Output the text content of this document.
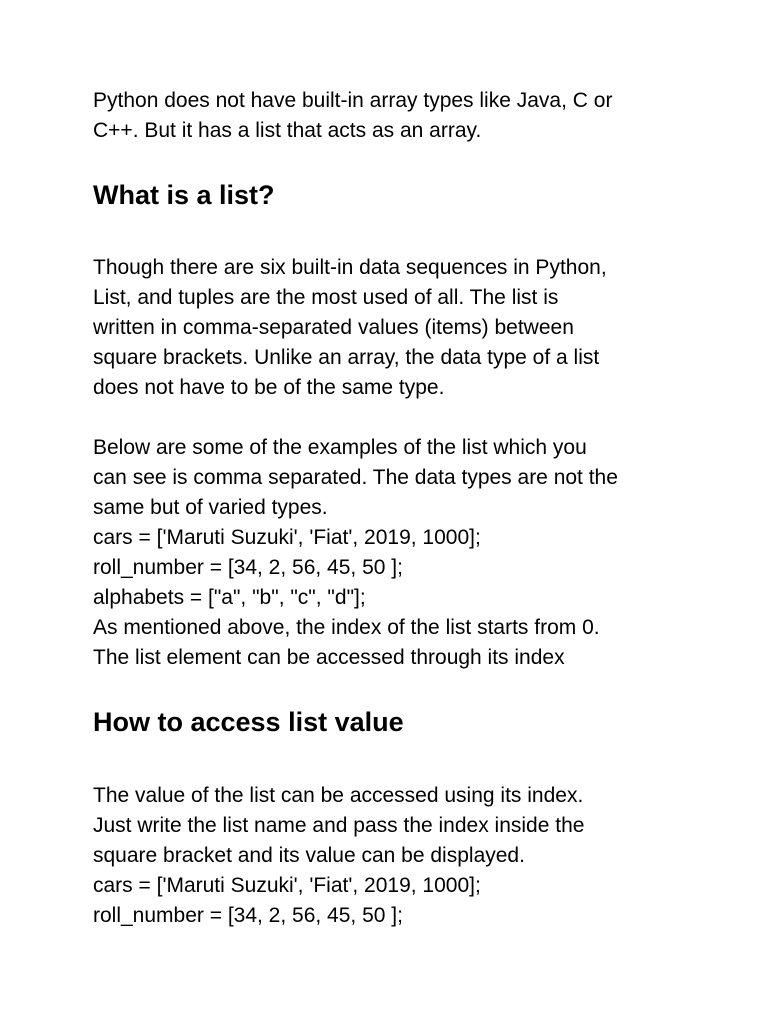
Python does not have built-in array types like Java, C or
C++. But it has a list that acts as an array.

What is a list?

Though there are six built-in data sequences in Python,
List, and tuples are the most used of all. The list is
written in comma-separated values (items) between
square brackets. Unlike an array, the data type of a list
does not have to be of the same type.

Below are some of the examples of the list which you
can see is comma separated. The data types are not the
same but of varied types.
cars = ['Maruti Suzuki', 'Fiat', 2019, 1000];
roll_number = [34, 2, 56, 45, 50 ];
alphabets = ["a", "b", "c", "d"];
As mentioned above, the index of the list starts from 0.
The list element can be accessed through its index

How to access list value

The value of the list can be accessed using its index.
Just write the list name and pass the index inside the
square bracket and its value can be displayed.
cars = ['Maruti Suzuki', 'Fiat', 2019, 1000];
roll_number = [34, 2, 56, 45, 50 ];
